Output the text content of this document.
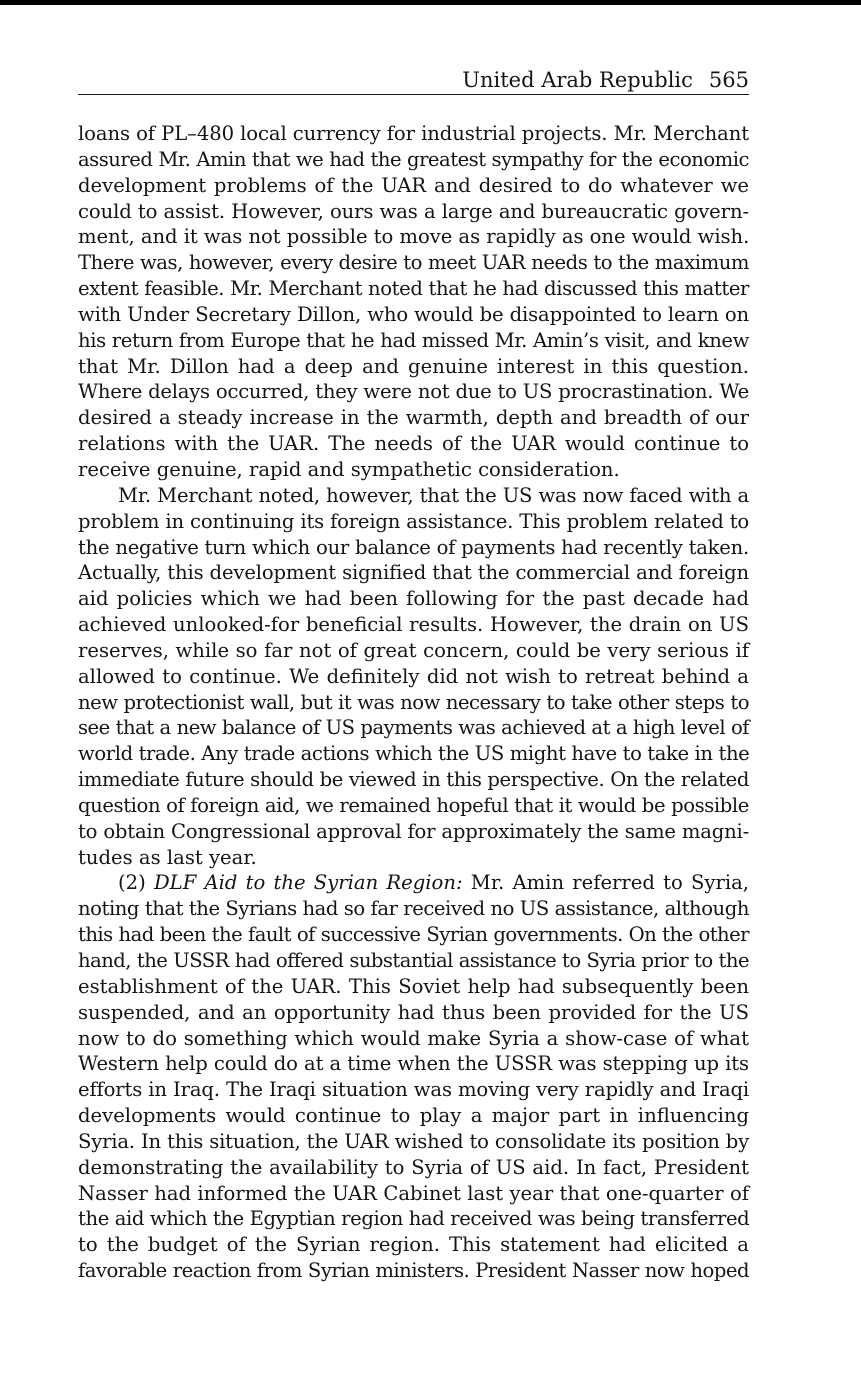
United Arab Republic 565
loans of PL–480 local currency for industrial projects. Mr. Merchant
assured Mr. Amin that we had the greatest sympathy for the economic
development problems of the UAR and desired to do whatever we
could to assist. However, ours was a large and bureaucratic govern-
ment, and it was not possible to move as rapidly as one would wish.
There was, however, every desire to meet UAR needs to the maximum
extent feasible. Mr. Merchant noted that he had discussed this matter
with Under Secretary Dillon, who would be disappointed to learn on
his return from Europe that he had missed Mr. Amin’s visit, and knew
that Mr. Dillon had a deep and genuine interest in this question.
Where delays occurred, they were not due to US procrastination. We
desired a steady increase in the warmth, depth and breadth of our
relations with the UAR. The needs of the UAR would continue to
receive genuine, rapid and sympathetic consideration.
Mr. Merchant noted, however, that the US was now faced with a
problem in continuing its foreign assistance. This problem related to
the negative turn which our balance of payments had recently taken.
Actually, this development signified that the commercial and foreign
aid policies which we had been following for the past decade had
achieved unlooked-for beneficial results. However, the drain on US
reserves, while so far not of great concern, could be very serious if
allowed to continue. We definitely did not wish to retreat behind a
new protectionist wall, but it was now necessary to take other steps to
see that a new balance of US payments was achieved at a high level of
world trade. Any trade actions which the US might have to take in the
immediate future should be viewed in this perspective. On the related
question of foreign aid, we remained hopeful that it would be possible
to obtain Congressional approval for approximately the same magni-
tudes as last year.
(2) DLF Aid to the Syrian Region: Mr. Amin referred to Syria,
noting that the Syrians had so far received no US assistance, although
this had been the fault of successive Syrian governments. On the other
hand, the USSR had offered substantial assistance to Syria prior to the
establishment of the UAR. This Soviet help had subsequently been
suspended, and an opportunity had thus been provided for the US
now to do something which would make Syria a show-case of what
Western help could do at a time when the USSR was stepping up its
efforts in Iraq. The Iraqi situation was moving very rapidly and Iraqi
developments would continue to play a major part in influencing
Syria. In this situation, the UAR wished to consolidate its position by
demonstrating the availability to Syria of US aid. In fact, President
Nasser had informed the UAR Cabinet last year that one-quarter of
the aid which the Egyptian region had received was being transferred
to the budget of the Syrian region. This statement had elicited a
favorable reaction from Syrian ministers. President Nasser now hoped
